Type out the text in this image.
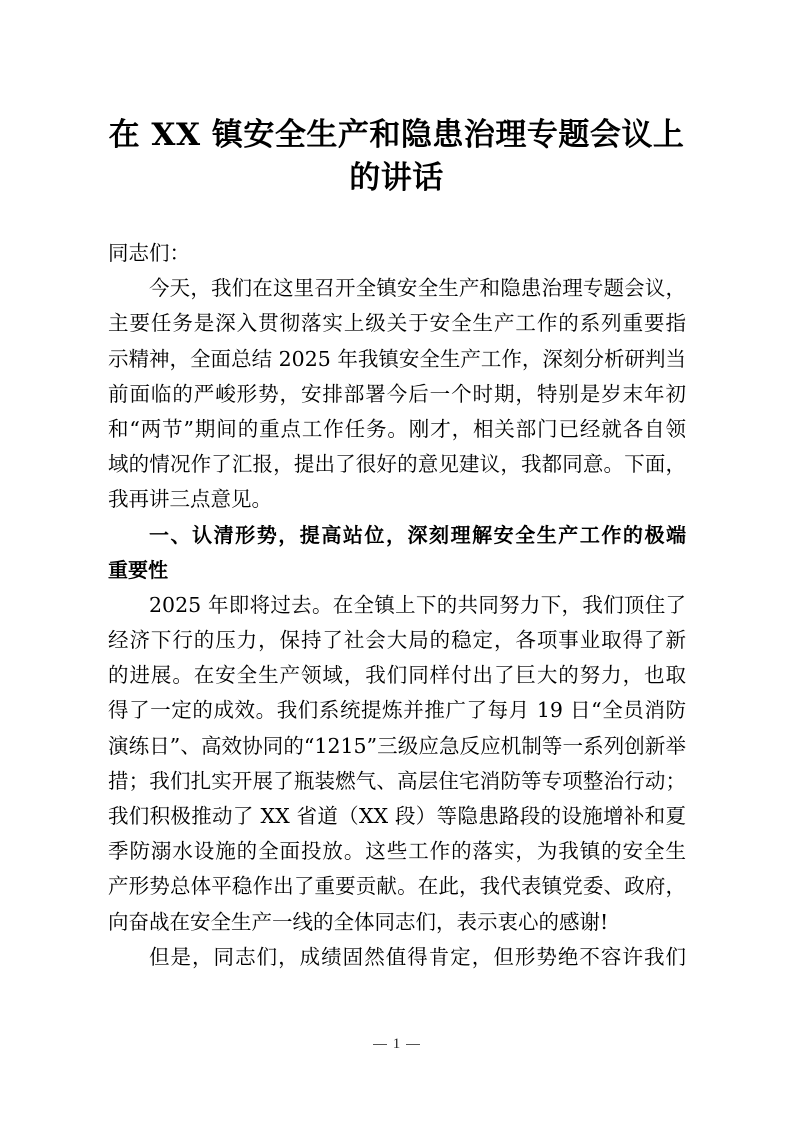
在 XX 镇安全生产和隐患治理专题会议上
的讲话
同志们：
今天，我们在这里召开全镇安全生产和隐患治理专题会议，
主要任务是深入贯彻落实上级关于安全生产工作的系列重要指
示精神，全面总结 2025 年我镇安全生产工作，深刻分析研判当
前面临的严峻形势，安排部署今后一个时期，特别是岁末年初
和“两节”期间的重点工作任务。刚才，相关部门已经就各自领
域的情况作了汇报，提出了很好的意见建议，我都同意。下面，
我再讲三点意见。
一、认清形势，提高站位，深刻理解安全生产工作的极端
重要性
2025 年即将过去。在全镇上下的共同努力下，我们顶住了
经济下行的压力，保持了社会大局的稳定，各项事业取得了新
的进展。在安全生产领域，我们同样付出了巨大的努力，也取
得了一定的成效。我们系统提炼并推广了每月 19 日“全员消防
演练日”、高效协同的“1215”三级应急反应机制等一系列创新举
措；我们扎实开展了瓶装燃气、高层住宅消防等专项整治行动；
我们积极推动了 XX 省道（XX 段）等隐患路段的设施增补和夏
季防溺水设施的全面投放。这些工作的落实，为我镇的安全生
产形势总体平稳作出了重要贡献。在此，我代表镇党委、政府，
向奋战在安全生产一线的全体同志们，表示衷心的感谢!
但是，同志们，成绩固然值得肯定，但形势绝不容许我们
1
